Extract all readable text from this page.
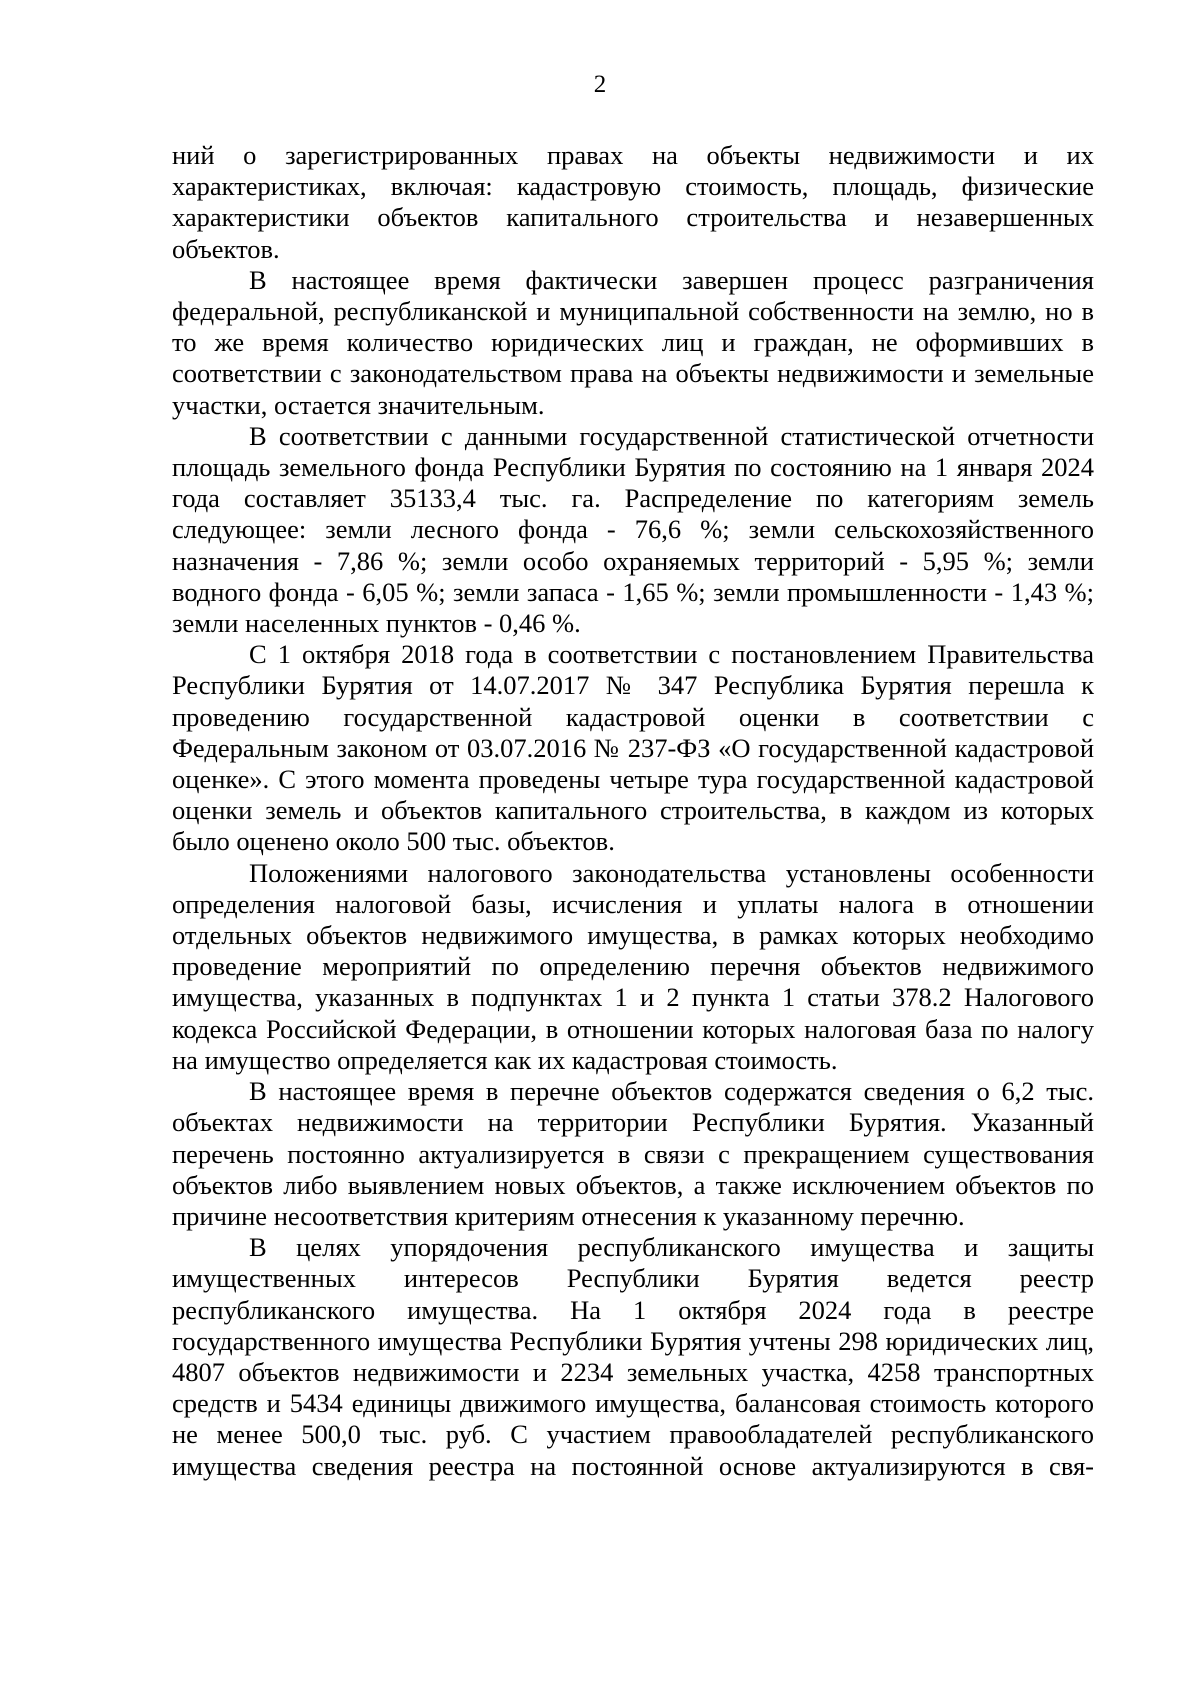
2

ний о зарегистрированных правах на объекты недвижимости и их характеристиках, включая: кадастровую стоимость, площадь, физические характеристики объектов капитального строительства и незавершенных объектов.

В настоящее время фактически завершен процесс разграничения федеральной, республиканской и муниципальной собственности на землю, но в то же время количество юридических лиц и граждан, не оформивших в соответствии с законодательством права на объекты недвижимости и земельные участки, остается значительным.

В соответствии с данными государственной статистической отчетности площадь земельного фонда Республики Бурятия по состоянию на 1 января 2024 года составляет 35133,4 тыс. га. Распределение по категориям земель следующее: земли лесного фонда - 76,6 %; земли сельскохозяйственного назначения - 7,86 %; земли особо охраняемых территорий - 5,95 %; земли водного фонда - 6,05 %; земли запаса - 1,65 %; земли промышленности - 1,43 %; земли населенных пунктов - 0,46 %.

С 1 октября 2018 года в соответствии с постановлением Правительства Республики Бурятия от 14.07.2017 № 347 Республика Бурятия перешла к проведению государственной кадастровой оценки в соответствии с Федеральным законом от 03.07.2016 № 237-ФЗ «О государственной кадастровой оценке». С этого момента проведены четыре тура государственной кадастровой оценки земель и объектов капитального строительства, в каждом из которых было оценено около 500 тыс. объектов.

Положениями налогового законодательства установлены особенности определения налоговой базы, исчисления и уплаты налога в отношении отдельных объектов недвижимого имущества, в рамках которых необходимо проведение мероприятий по определению перечня объектов недвижимого имущества, указанных в подпунктах 1 и 2 пункта 1 статьи 378.2 Налогового кодекса Российской Федерации, в отношении которых налоговая база по налогу на имущество определяется как их кадастровая стоимость.

В настоящее время в перечне объектов содержатся сведения о 6,2 тыс. объектах недвижимости на территории Республики Бурятия. Указанный перечень постоянно актуализируется в связи с прекращением существования объектов либо выявлением новых объектов, а также исключением объектов по причине несоответствия критериям отнесения к указанному перечню.

В целях упорядочения республиканского имущества и защиты имущественных интересов Республики Бурятия ведется реестр республиканского имущества. На 1 октября 2024 года в реестре государственного имущества Республики Бурятия учтены 298 юридических лиц, 4807 объектов недвижимости и 2234 земельных участка, 4258 транспортных средств и 5434 единицы движимого имущества, балансовая стоимость которого не менее 500,0 тыс. руб. С участием правообладателей республиканского имущества сведения реестра на постоянной основе актуализируются в свя-
